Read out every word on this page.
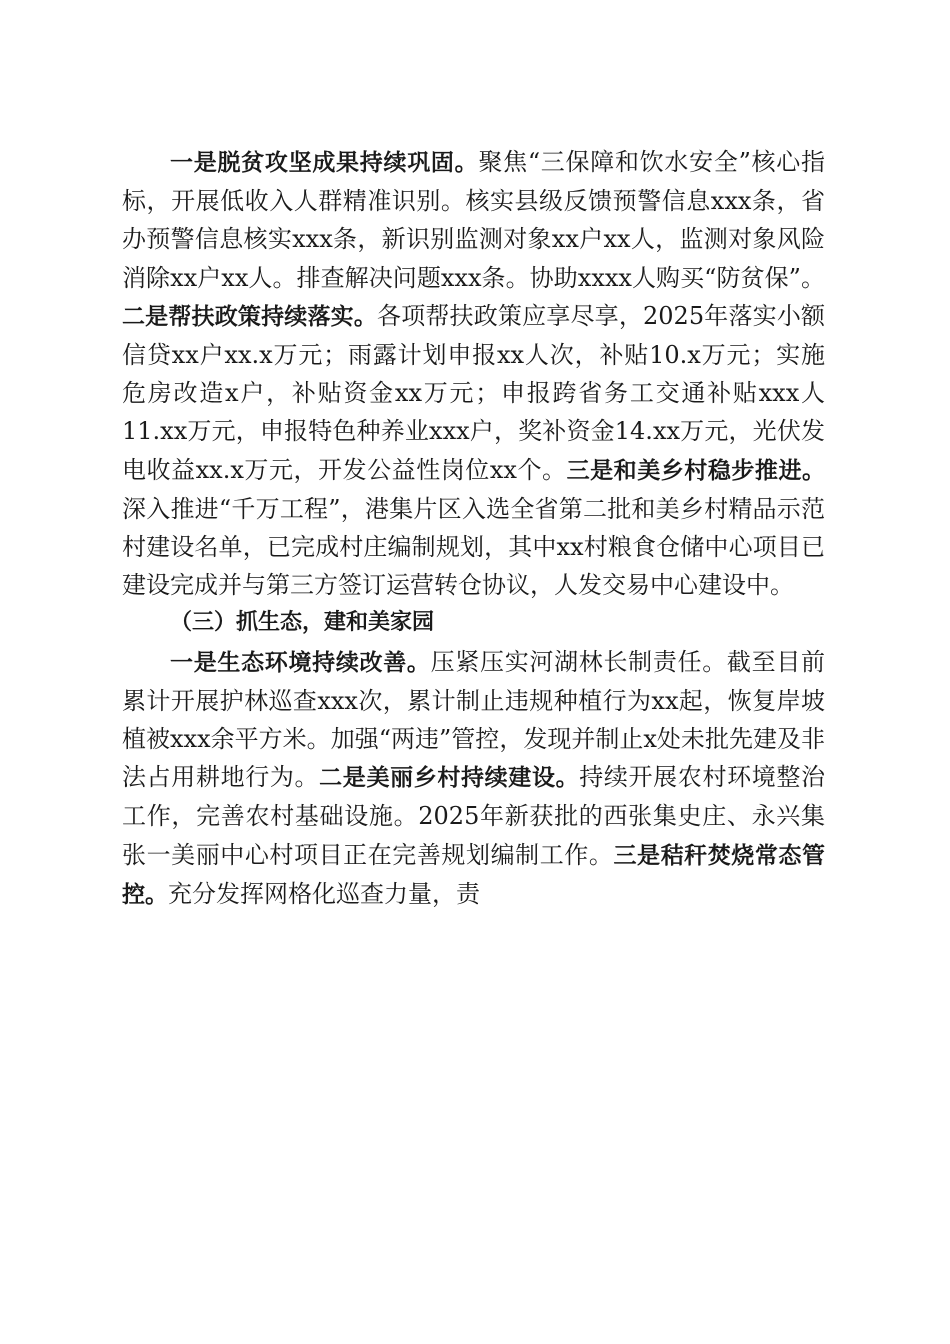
一是脱贫攻坚成果持续巩固。聚焦“三保障和饮水安全”核心指标，开展低收入人群精准识别。核实县级反馈预警信息xxx条，省办预警信息核实xxx条，新识别监测对象xx户xx人，监测对象风险消除xx户xx人。排查解决问题xxx条。协助xxxx人购买“防贫保”。二是帮扶政策持续落实。各项帮扶政策应享尽享，2025年落实小额信贷xx户xx.x万元；雨露计划申报xx人次，补贴10.x万元；实施危房改造x户，补贴资金xx万元；申报跨省务工交通补贴xxx人11.xx万元，申报特色种养业xxx户，奖补资金14.xx万元，光伏发电收益xx.x万元，开发公益性岗位xx个。三是和美乡村稳步推进。深入推进“千万工程”，港集片区入选全省第二批和美乡村精品示范村建设名单，已完成村庄编制规划，其中xx村粮食仓储中心项目已建设完成并与第三方签订运营转仓协议，人发交易中心建设中。

（三）抓生态，建和美家园

一是生态环境持续改善。压紧压实河湖林长制责任。截至目前累计开展护林巡查xxx次，累计制止违规种植行为xx起，恢复岸坡植被xxx余平方米。加强“两违”管控，发现并制止x处未批先建及非法占用耕地行为。二是美丽乡村持续建设。持续开展农村环境整治工作，完善农村基础设施。2025年新获批的西张集史庄、永兴集张一美丽中心村项目正在完善规划编制工作。三是秸秆焚烧常态管控。充分发挥网格化巡查力量，责
